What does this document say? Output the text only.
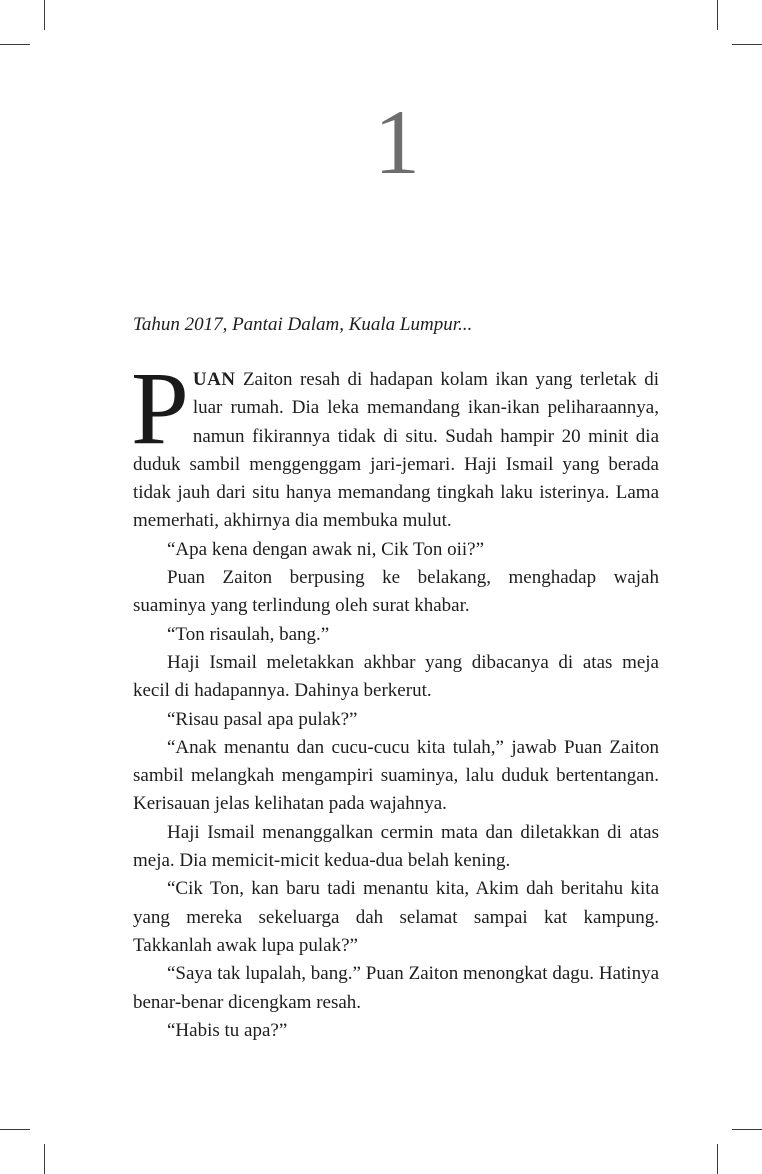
1
Tahun 2017, Pantai Dalam, Kuala Lumpur...

PUAN Zaiton resah di hadapan kolam ikan yang terletak di luar rumah. Dia leka memandang ikan-ikan peliharaannya, namun fikirannya tidak di situ. Sudah hampir 20 minit dia duduk sambil menggenggam jari-jemari. Haji Ismail yang berada tidak jauh dari situ hanya memandang tingkah laku isterinya. Lama memerhati, akhirnya dia membuka mulut.

“Apa kena dengan awak ni, Cik Ton oii?”

Puan Zaiton berpusing ke belakang, menghadap wajah suaminya yang terlindung oleh surat khabar.

“Ton risaulah, bang.”

Haji Ismail meletakkan akhbar yang dibacanya di atas meja kecil di hadapannya. Dahinya berkerut.

“Risau pasal apa pulak?”

“Anak menantu dan cucu-cucu kita tulah,” jawab Puan Zaiton sambil melangkah mengampiri suaminya, lalu duduk bertentangan. Kerisauan jelas kelihatan pada wajahnya.

Haji Ismail menanggalkan cermin mata dan diletakkan di atas meja. Dia memicit-micit kedua-dua belah kening.

“Cik Ton, kan baru tadi menantu kita, Akim dah beritahu kita yang mereka sekeluarga dah selamat sampai kat kampung. Takkanlah awak lupa pulak?”

“Saya tak lupalah, bang.” Puan Zaiton menongkat dagu. Hatinya benar-benar dicengkam resah.

“Habis tu apa?”
